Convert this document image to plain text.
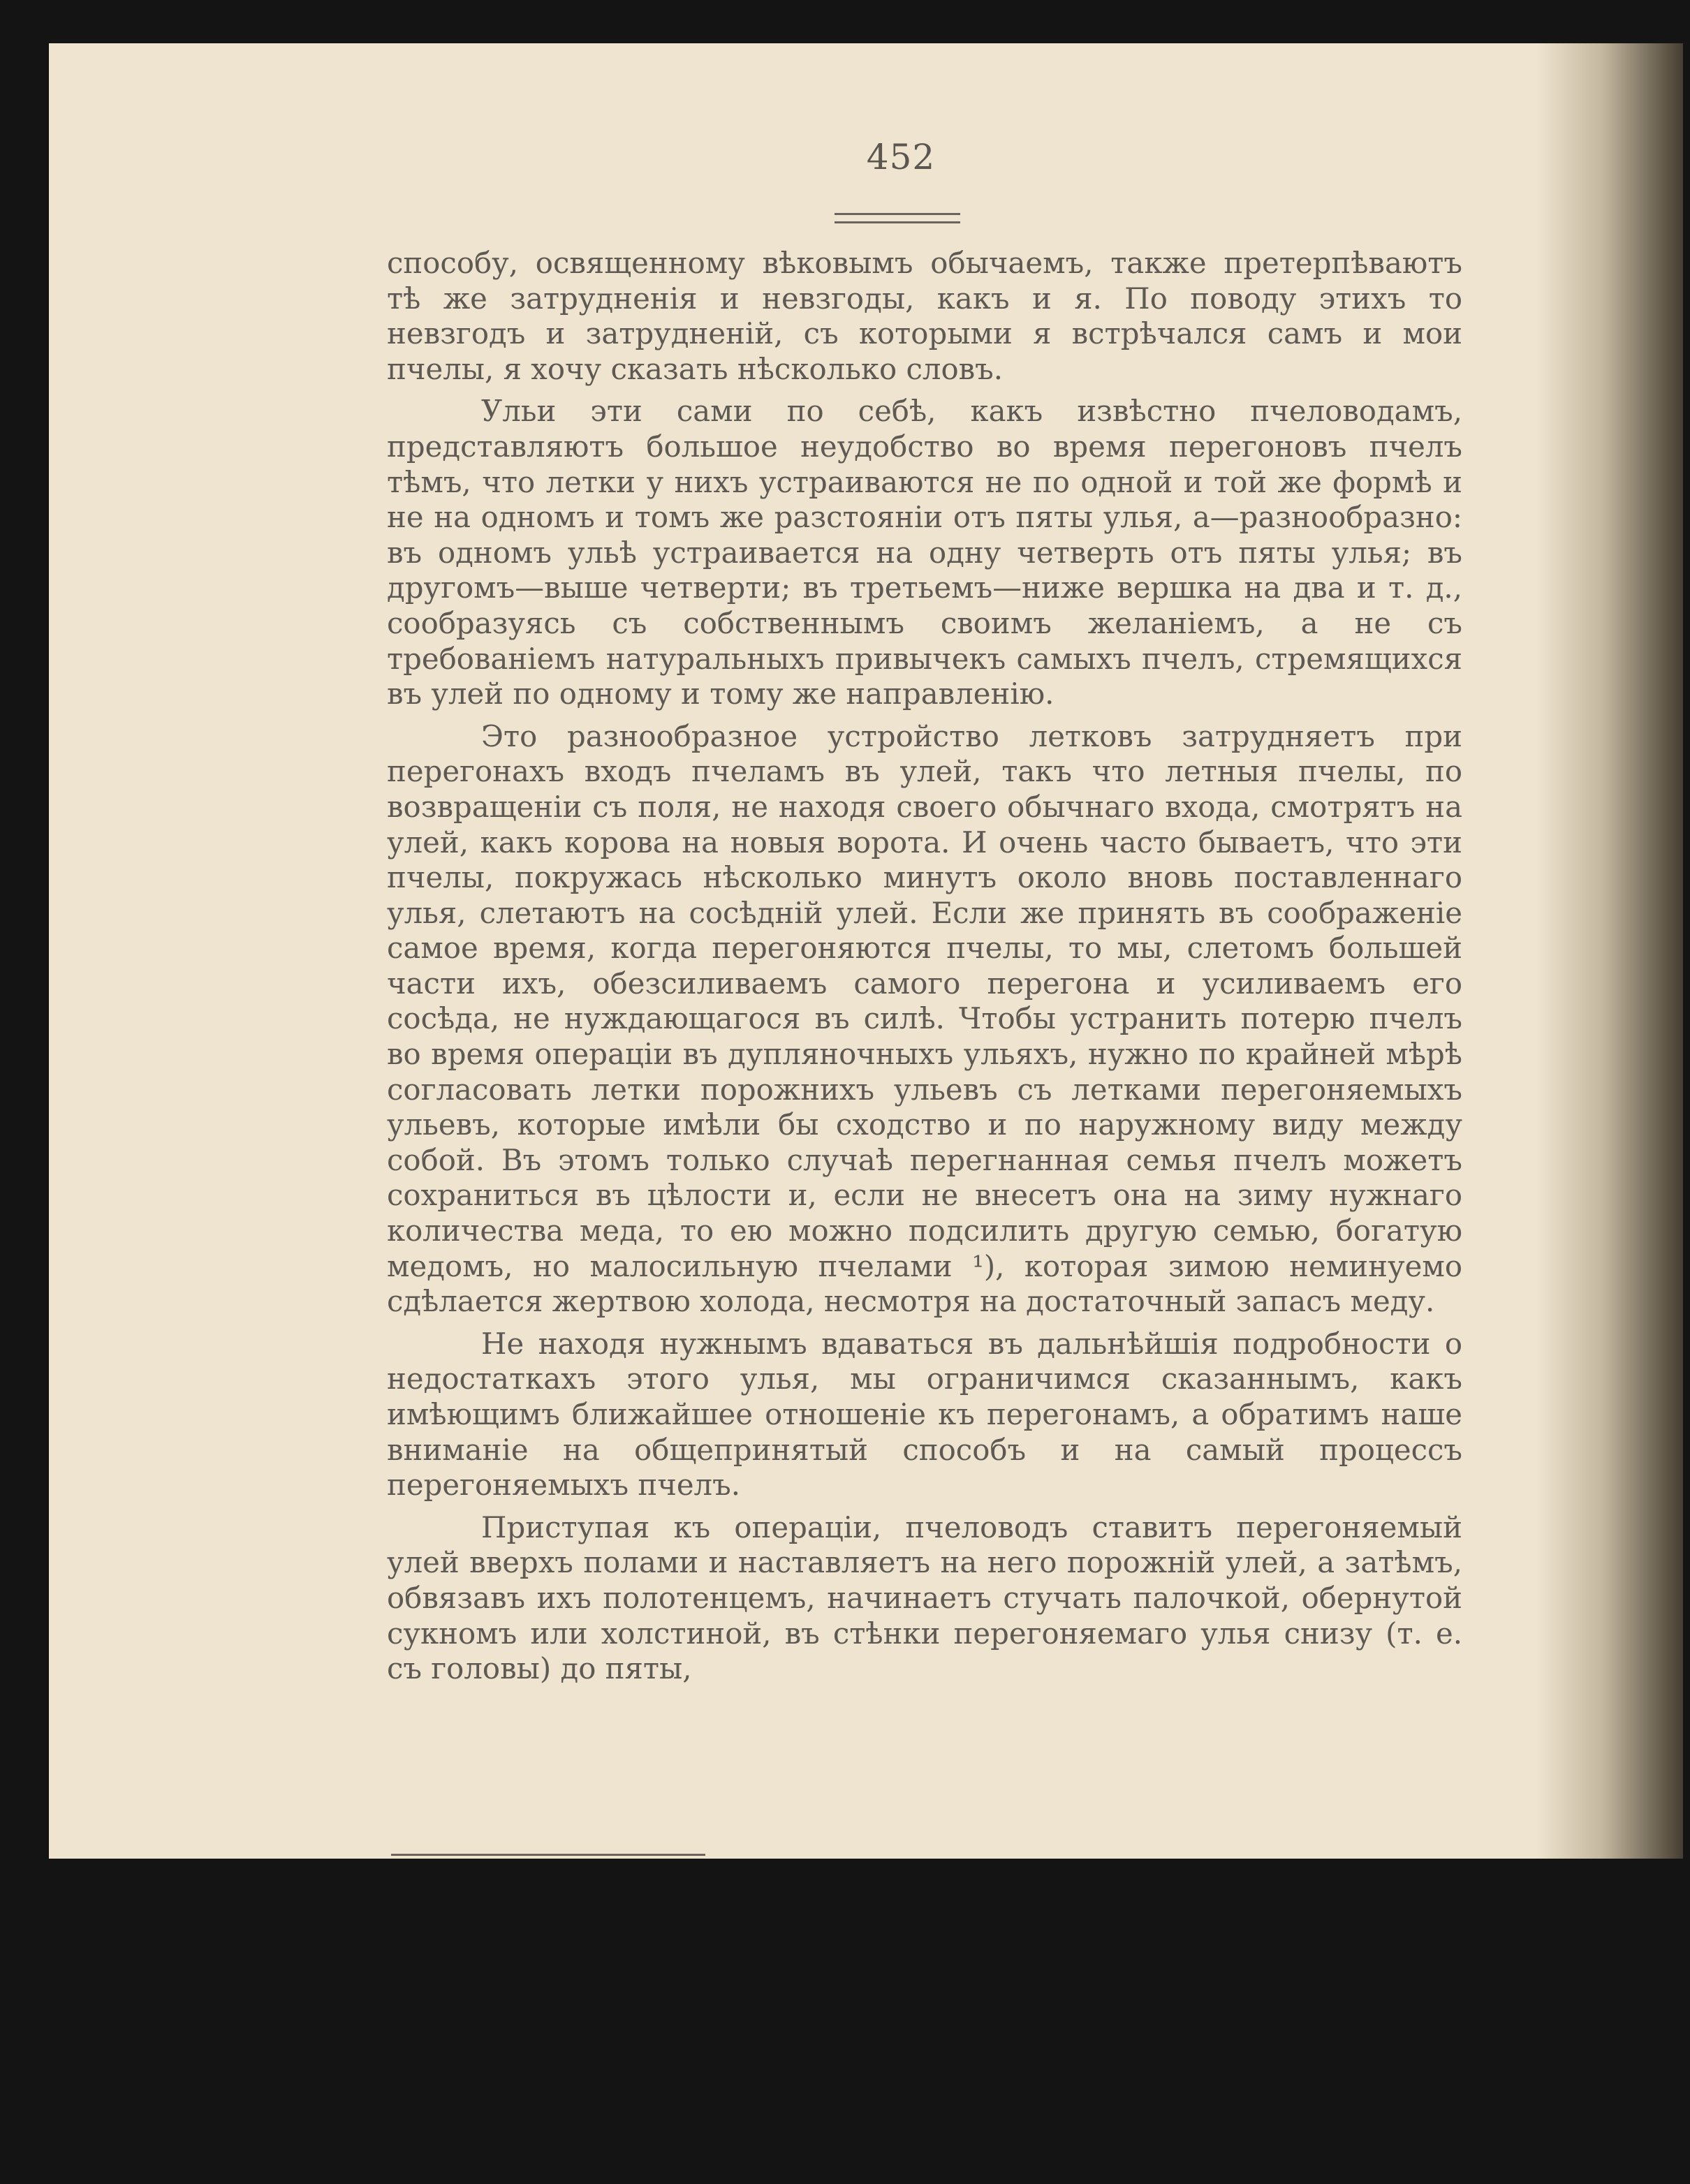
452

способу, освященному вѣковымъ обычаемъ, также претерпѣваютъ тѣ же затрудненія и невзгоды, какъ и я. По поводу этихъ то невзгодъ и затрудненій, съ которыми я встрѣчался самъ и мои пчелы, я хочу сказать нѣсколько словъ.

Ульи эти сами по себѣ, какъ извѣстно пчеловодамъ, представляютъ большое неудобство во время перегоновъ пчелъ тѣмъ, что летки у нихъ устраиваются не по одной и той же формѣ и не на одномъ и томъ же разстояніи отъ пяты улья, а—разнообразно: въ одномъ ульѣ устраивается на одну четверть отъ пяты улья; въ другомъ—выше четверти; въ третьемъ—ниже вершка на два и т. д., сообразуясь съ собственнымъ своимъ желаніемъ, а не съ требованіемъ натуральныхъ привычекъ самыхъ пчелъ, стремящихся въ улей по одному и тому же направленію.

Это разнообразное устройство летковъ затрудняетъ при перегонахъ входъ пчеламъ въ улей, такъ что летныя пчелы, по возвращеніи съ поля, не находя своего обычнаго входа, смотрятъ на улей, какъ корова на новыя ворота. И очень часто бываетъ, что эти пчелы, покружась нѣсколько минутъ около вновь поставленнаго улья, слетаютъ на сосѣдній улей. Если же принять въ соображеніе самое время, когда перегоняются пчелы, то мы, слетомъ большей части ихъ, обезсиливаемъ самого перегона и усиливаемъ его сосѣда, не нуждающагося въ силѣ. Чтобы устранить потерю пчелъ во время операціи въ дупляночныхъ ульяхъ, нужно по крайней мѣрѣ согласовать летки порожнихъ ульевъ съ летками перегоняемыхъ ульевъ, которые имѣли бы сходство и по наружному виду между собой. Въ этомъ только случаѣ перегнанная семья пчелъ можетъ сохраниться въ цѣлости и, если не внесетъ она на зиму нужнаго количества меда, то ею можно подсилить другую семью, богатую медомъ, но малосильную пчелами ¹), которая зимою неминуемо сдѣлается жертвою холода, несмотря на достаточный запасъ меду.

Не находя нужнымъ вдаваться въ дальнѣйшія подробности о недостаткахъ этого улья, мы ограничимся сказаннымъ, какъ имѣющимъ ближайшее отношеніе къ перегонамъ, а обратимъ наше вниманіе на общепринятый способъ и на самый процессъ перегоняемыхъ пчелъ.

Приступая къ операціи, пчеловодъ ставитъ перегоняемый улей вверхъ полами и наставляетъ на него порожній улей, а затѣмъ, обвязавъ ихъ полотенцемъ, начинаетъ стучать палочкой, обернутой сукномъ или холстиной, въ стѣнки перегоняемаго улья снизу (т. е. съ головы) до пяты,
